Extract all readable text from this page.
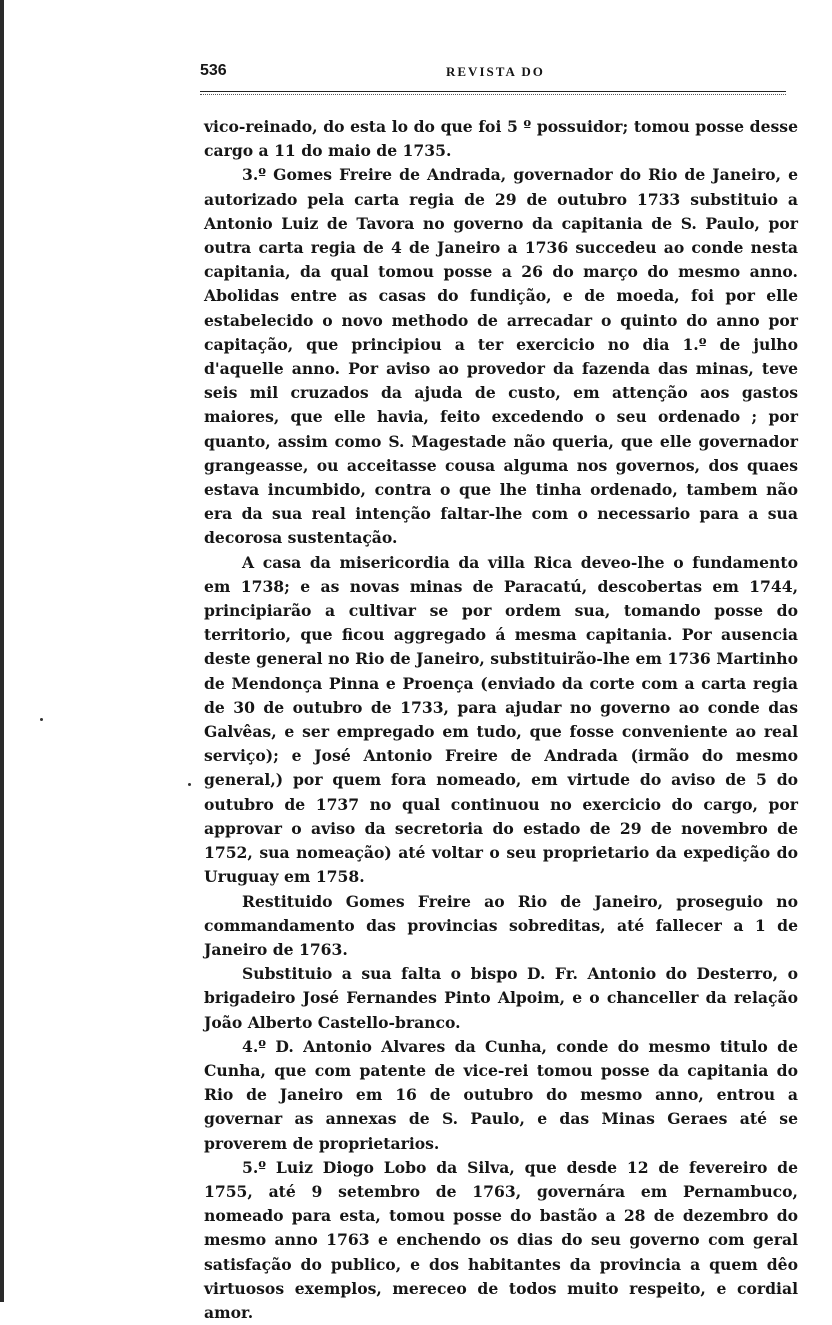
536	REVISTA DO

vico-reinado, do esta lo do que foi 5 º possuidor; tomou posse desse cargo a 11 do maio de 1735.

3.º Gomes Freire de Andrada, governador do Rio de Janeiro, e autorizado pela carta regia de 29 de outubro 1733 substituio a Antonio Luiz de Tavora no governo da capitania de S. Paulo, por outra carta regia de 4 de Janeiro a 1736 succedeu ao conde nesta capitania, da qual tomou posse a 26 do março do mesmo anno. Abolidas entre as casas do fundição, e de moeda, foi por elle estabelecido o novo methodo de arrecadar o quinto do anno por capitação, que principiou a ter exercicio no dia 1.º de julho d'aquelle anno. Por aviso ao provedor da fazenda das minas, teve seis mil cruzados da ajuda de custo, em attenção aos gastos maiores, que elle havia, feito excedendo o seu ordenado ; por quanto, assim como S. Magestade não queria, que elle governador grangeasse, ou acceitasse cousa alguma nos governos, dos quaes estava incumbido, contra o que lhe tinha ordenado, tambem não era da sua real intenção faltar-lhe com o necessario para a sua decorosa sustentação.

A casa da misericordia da villa Rica deveo-lhe o fundamento em 1738; e as novas minas de Paracatú, descobertas em 1744, principiarão a cultivar se por ordem sua, tomando posse do territorio, que ficou aggregado á mesma capitania. Por ausencia deste general no Rio de Janeiro, substituirão-lhe em 1736 Martinho de Mendonça Pinna e Proença (enviado da corte com a carta regia de 30 de outubro de 1733, para ajudar no governo ao conde das Galvêas, e ser empregado em tudo, que fosse conveniente ao real serviço); e José Antonio Freire de Andrada (irmão do mesmo general,) por quem fora nomeado, em virtude do aviso de 5 do outubro de 1737 no qual continuou no exercicio do cargo, por approvar o aviso da secretoria do estado de 29 de novembro de 1752, sua nomeação) até voltar o seu proprietario da expedição do Uruguay em 1758.

Restituido Gomes Freire ao Rio de Janeiro, proseguio no commandamento das provincias sobreditas, até fallecer a 1 de Janeiro de 1763.

Substituio a sua falta o bispo D. Fr. Antonio do Desterro, o brigadeiro José Fernandes Pinto Alpoim, e o chanceller da relação João Alberto Castello-branco.

4.º D. Antonio Alvares da Cunha, conde do mesmo titulo de Cunha, que com patente de vice-rei tomou posse da capitania do Rio de Janeiro em 16 de outubro do mesmo anno, entrou a governar as annexas de S. Paulo, e das Minas Geraes até se proverem de proprietarios.

5.º Luiz Diogo Lobo da Silva, que desde 12 de fevereiro de 1755, até 9 setembro de 1763, governára em Pernambuco, nomeado para esta, tomou posse do bastão a 28 de dezembro do mesmo anno 1763 e enchendo os dias do seu governo com geral satisfação do publico, e dos habitantes da provincia a quem dêo virtuosos exemplos, mereceo de todos muito respeito, e cordial amor.
